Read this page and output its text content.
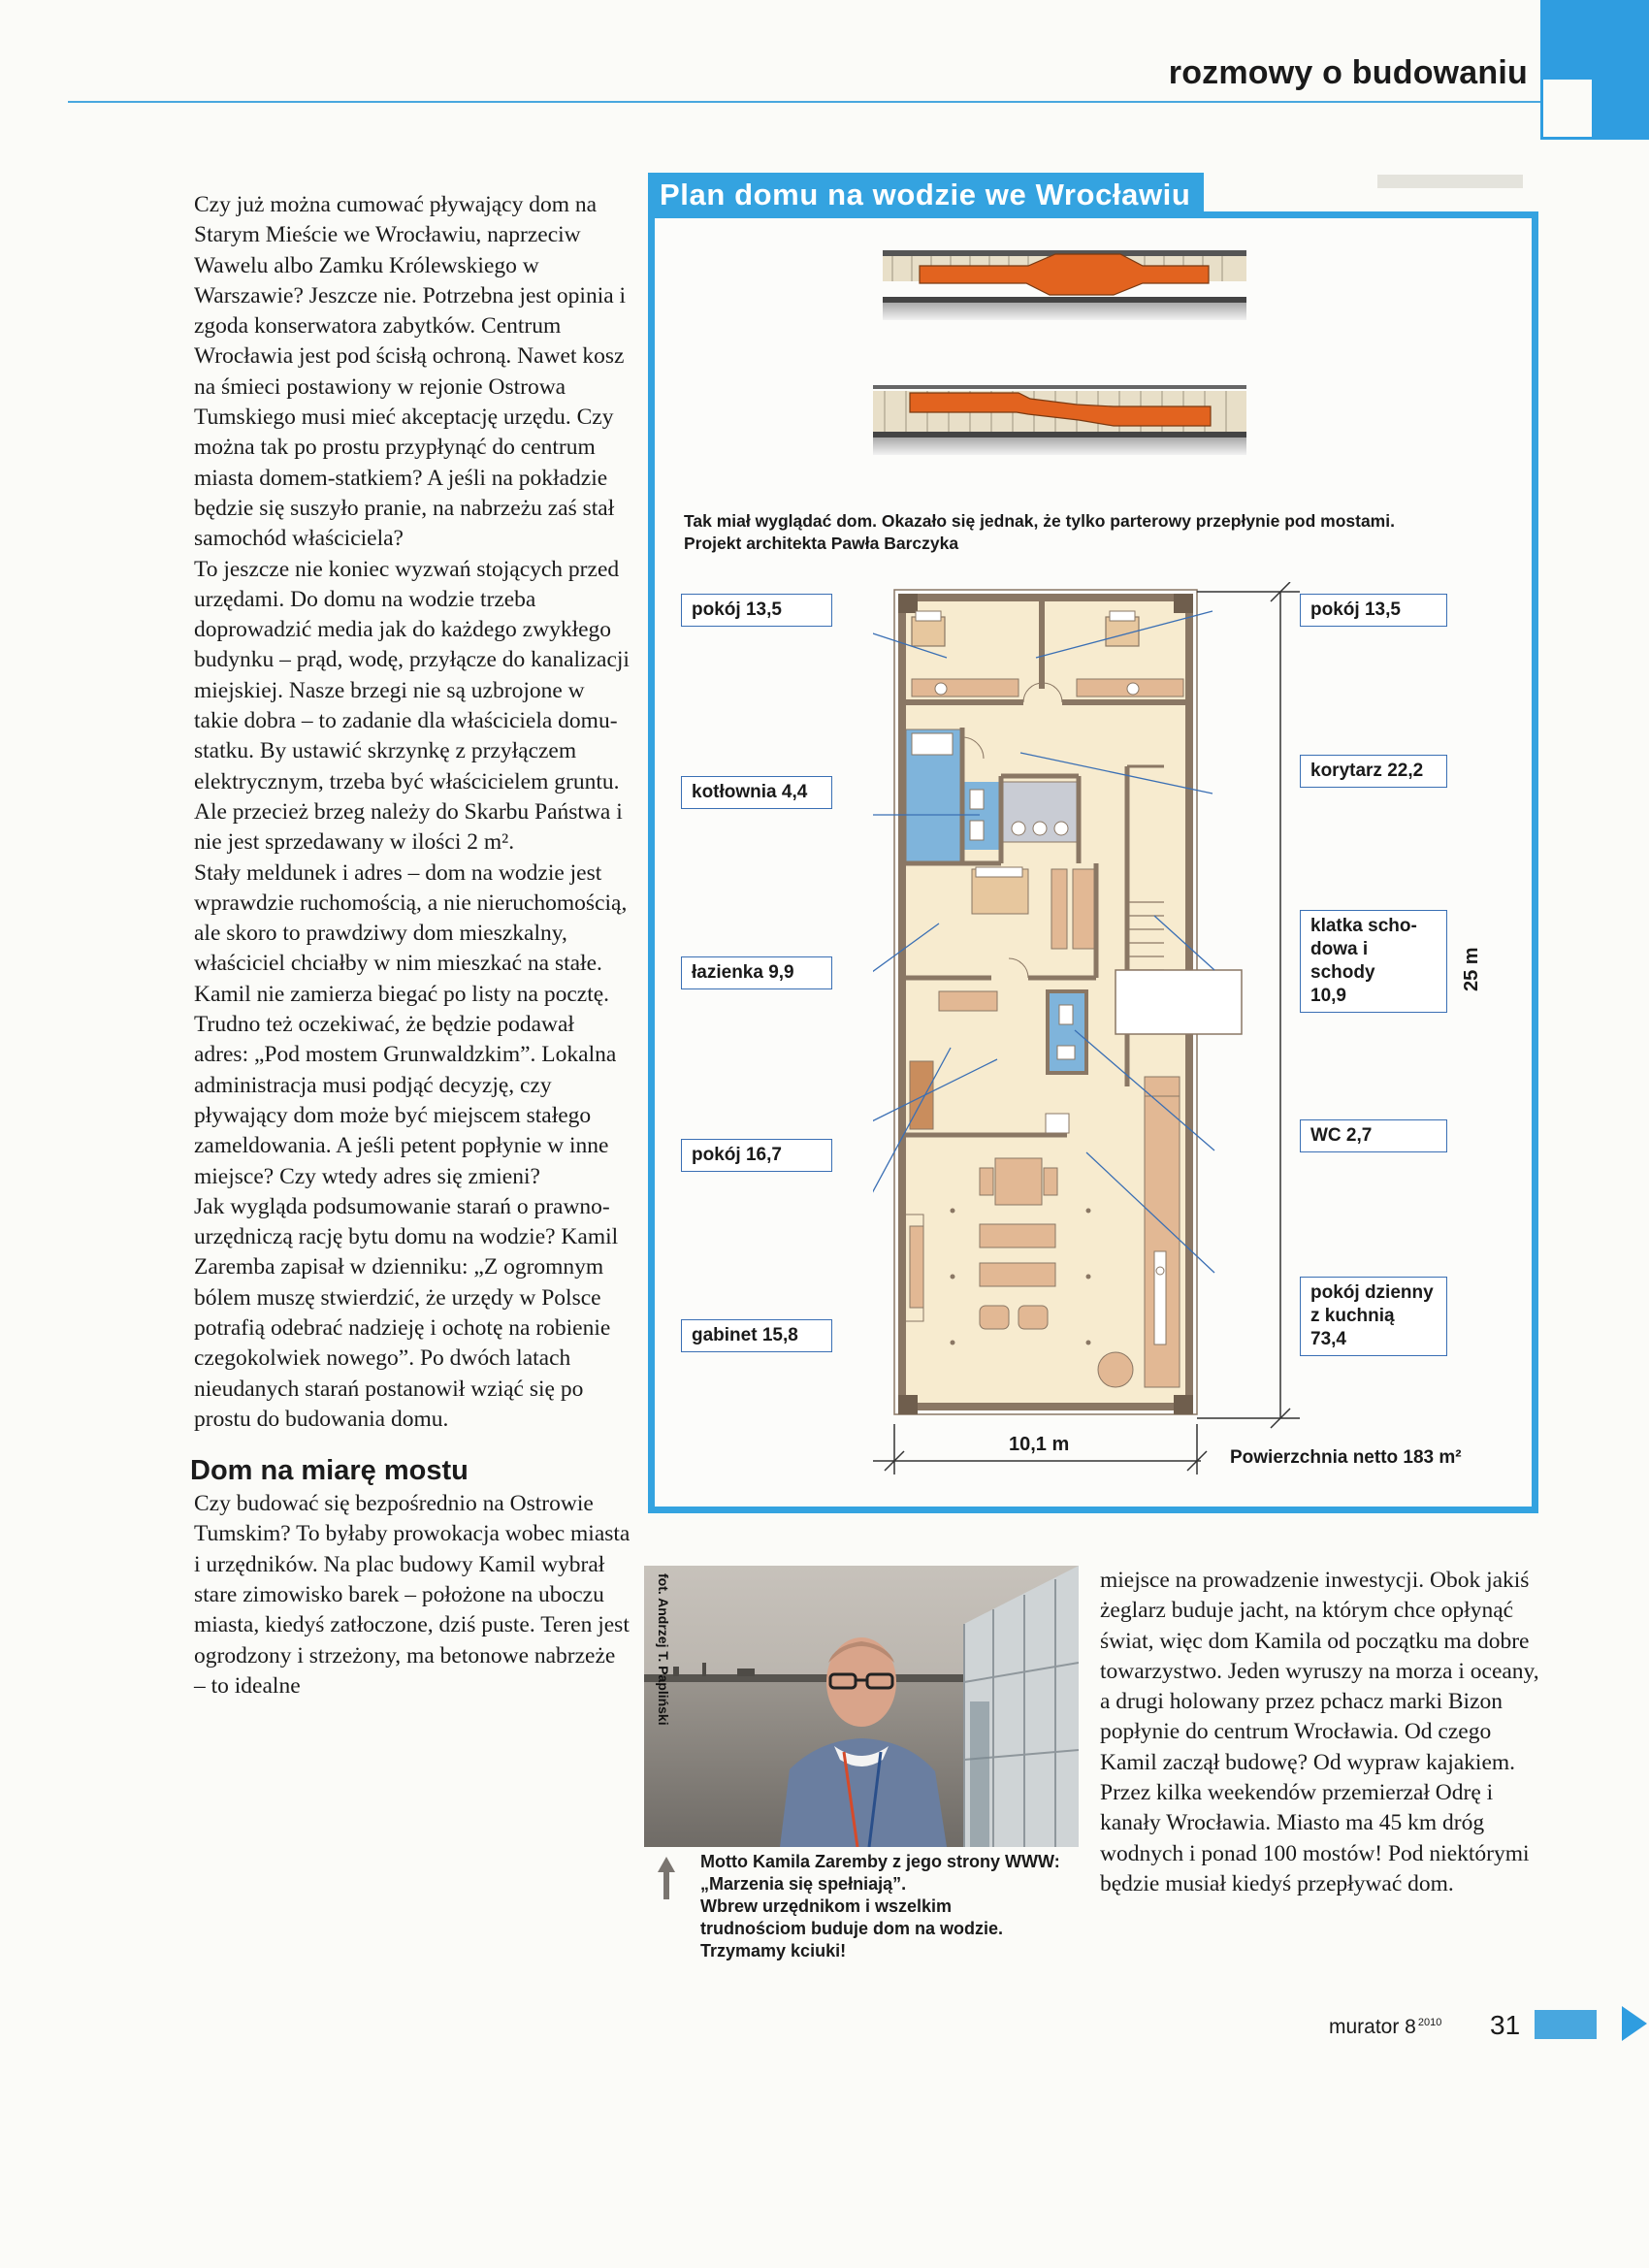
rozmowy o budowaniu

Czy już można cumować pływający dom na Starym Mieście we Wrocławiu, naprzeciw Wawelu albo Zamku Królewskiego w Warszawie? Jeszcze nie. Potrzebna jest opinia i zgoda konserwatora zabytków. Centrum Wrocławia jest pod ścisłą ochroną. Nawet kosz na śmieci postawiony w rejonie Ostrowa Tumskiego musi mieć akceptację urzędu. Czy można tak po prostu przypłynąć do centrum miasta domem-statkiem? A jeśli na pokładzie będzie się suszyło pranie, na nabrzeżu zaś stał samochód właściciela?

To jeszcze nie koniec wyzwań stojących przed urzędami. Do domu na wodzie trzeba doprowadzić media jak do każdego zwykłego budynku – prąd, wodę, przyłącze do kanalizacji miejskiej. Nasze brzegi nie są uzbrojone w takie dobra – to zadanie dla właściciela domu-statku. By ustawić skrzynkę z przyłączem elektrycznym, trzeba być właścicielem gruntu. Ale przecież brzeg należy do Skarbu Państwa i nie jest sprzedawany w ilości 2 m².

Stały meldunek i adres – dom na wodzie jest wprawdzie ruchomością, a nie nieruchomością, ale skoro to prawdziwy dom mieszkalny, właściciel chciałby w nim mieszkać na stałe. Kamil nie zamierza biegać po listy na pocztę. Trudno też oczekiwać, że będzie podawał adres: „Pod mostem Grunwaldzkim”. Lokalna administracja musi podjąć decyzję, czy pływający dom może być miejscem stałego zameldowania. A jeśli petent popłynie w inne miejsce? Czy wtedy adres się zmieni?

Jak wygląda podsumowanie starań o prawno-urzędniczą rację bytu domu na wodzie? Kamil Zaremba zapisał w dzienniku: „Z ogromnym bólem muszę stwierdzić, że urzędy w Polsce potrafią odebrać nadzieję i ochotę na robienie czegokolwiek nowego”. Po dwóch latach nieudanych starań postanowił wziąć się po prostu do budowania domu.

Dom na miarę mostu

Czy budować się bezpośrednio na Ostrowie Tumskim? To byłaby prowokacja wobec miasta i urzędników. Na plac budowy Kamil wybrał stare zimowisko barek – położone na uboczu miasta, kiedyś zatłoczone, dziś puste. Teren jest ogrodzony i strzeżony, ma betonowe nabrzeże – to idealne

Plan domu na wodzie we Wrocławiu
Tak miał wyglądać dom. Okazało się jednak, że tylko parterowy przepłynie pod mostami.
Projekt architekta Pawła Barczyka
pokój 13,5	pokój 13,5
kotłownia 4,4
korytarz 22,2
łazienka 9,9
klatka scho-
dowa i schody
10,9
WC 2,7
pokój 16,7
pokój dzienny
z kuchnią
73,4
gabinet 15,8
25 m
10,1 m
Powierzchnia netto 183 m²
fot. Andrzej T. Papliński
Motto Kamila Zaremby z jego strony WWW:
„Marzenia się spełniają”.
Wbrew urzędnikom i wszelkim
trudnościom buduje dom na wodzie.
Trzymamy kciuki!

miejsce na prowadzenie inwestycji. Obok jakiś żeglarz buduje jacht, na którym chce opłynąć świat, więc dom Kamila od początku ma dobre towarzystwo. Jeden wyruszy na morza i oceany, a drugi holowany przez pchacz marki Bizon popłynie do centrum Wrocławia. Od czego Kamil zaczął budowę? Od wypraw kajakiem. Przez kilka weekendów przemierzał Odrę i kanały Wrocławia. Miasto ma 45 km dróg wodnych i ponad 100 mostów! Pod niektórymi będzie musiał kiedyś przepływać dom.

murator 8 $^{2010}$ 31
